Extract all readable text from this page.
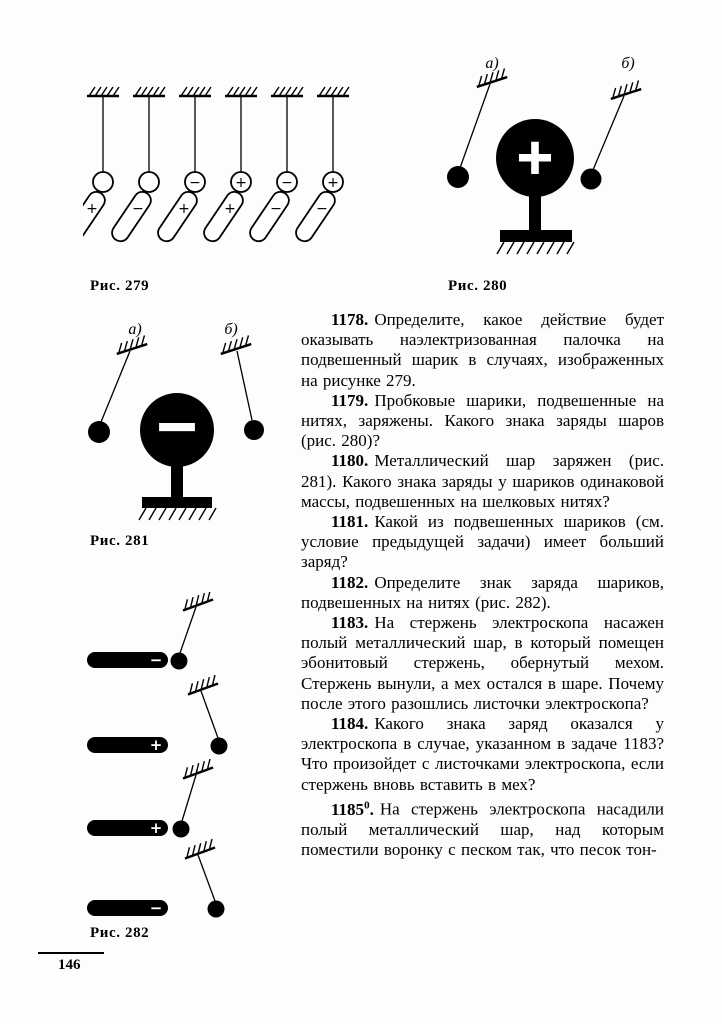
+ −
−
+
+
+
−
−
+
−
Рис. 279
а)	б)
+
Рис. 280
а)	б)
−
Рис. 281
−
+
+
−
Рис. 282

1178. Определите, какое действие будет оказывать наэлектризованная палочка на подвешенный шарик в случаях, изображенных на рисунке 279.

1179. Пробковые шарики, подвешенные на нитях, заряжены. Какого знака заряды шаров (рис. 280)?

1180. Металлический шар заряжен (рис. 281). Какого знака заряды у шариков одинаковой массы, подвешенных на шелковых нитях?

1181. Какой из подвешенных шариков (см. условие предыдущей задачи) имеет больший заряд?

1182. Определите знак заряда шариков, подвешенных на нитях (рис. 282).

1183. На стержень электроскопа насажен полый металлический шар, в который помещен эбонитовый стержень, обернутый мехом. Стержень вынули, а мех остался в шаре. Почему после этого разошлись листочки электроскопа?

1184. Какого знака заряд оказался у электроскопа в случае, указанном в задаче 1183? Что произойдет с листочками электроскопа, если стержень вновь вставить в мех?

1185$^0$. На стержень электроскопа насадили полый металлический шар, над которым поместили воронку с песком так, что песок тон-

146
